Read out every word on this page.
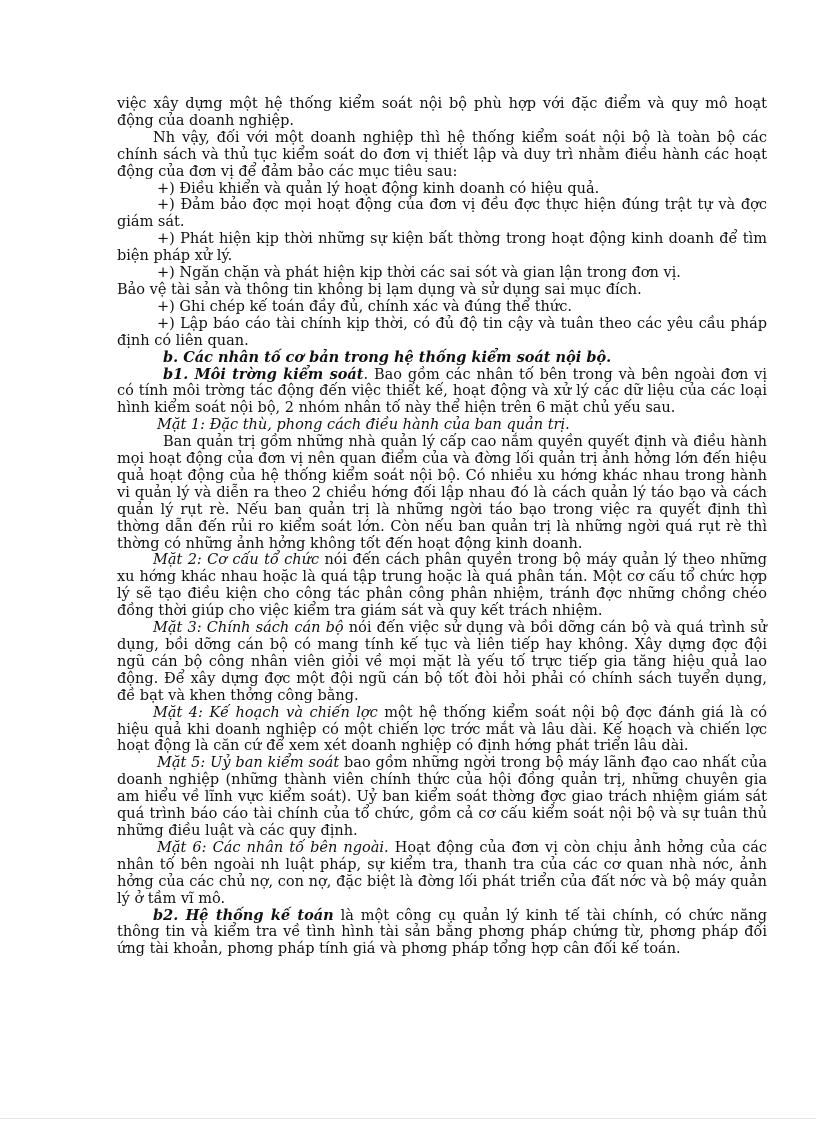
việc xây dựng một hệ thống kiểm soát nội bộ phù hợp với đặc điểm và quy mô hoạt động của doanh nghiệp.

Nh vậy, đối với một doanh nghiệp thì hệ thống kiểm soát nội bộ là toàn bộ các chính sách và thủ tục kiểm soát do đơn vị thiết lập và duy trì nhằm điều hành các hoạt động của đơn vị để đảm bảo các mục tiêu sau:

+) Điều khiển và quản lý hoạt động kinh doanh có hiệu quả.

+) Đảm bảo đợc mọi hoạt động của đơn vị đều đợc thực hiện đúng trật tự và đợc giám sát.

+) Phát hiện kịp thời những sự kiện bất thờng trong hoạt động kinh doanh để tìm biện pháp xử lý.

+) Ngăn chặn và phát hiện kịp thời các sai sót và gian lận trong đơn vị.

Bảo vệ tài sản và thông tin không bị lạm dụng và sử dụng sai mục đích.

+) Ghi chép kế toán đầy đủ, chính xác và đúng thể thức.

+) Lập báo cáo tài chính kịp thời, có đủ độ tin cậy và tuân theo các yêu cầu pháp định có liên quan.

b. Các nhân tố cơ bản trong hệ thống kiểm soát nội bộ.

b1. Môi trờng kiểm soát. Bao gồm các nhân tố bên trong và bên ngoài đơn vị có tính môi trờng tác động đến việc thiết kế, hoạt động và xử lý các dữ liệu của các loại hình kiểm soát nội bộ, 2 nhóm nhân tố này thể hiện trên 6 mặt chủ yếu sau.

Mặt 1: Đặc thù, phong cách điều hành của ban quản trị.

Ban quản trị gồm những nhà quản lý cấp cao nắm quyền quyết định và điều hành mọi hoạt động của đơn vị nên quan điểm của và đờng lối quản trị ảnh hởng lớn đến hiệu quả hoạt động của hệ thống kiểm soát nội bộ. Có nhiều xu hớng khác nhau trong hành vi quản lý và diễn ra theo 2 chiều hớng đối lập nhau đó là cách quản lý táo bạo và cách quản lý rụt rè. Nếu ban quản trị là những ngời táo bạo trong việc ra quyết định thì thờng dẫn đến rủi ro kiểm soát lớn. Còn nếu ban quản trị là những ngời quá rụt rè thì thờng có những ảnh hởng không tốt đến hoạt động kinh doanh.

Mặt 2: Cơ cấu tổ chức nói đến cách phân quyền trong bộ máy quản lý theo những xu hớng khác nhau hoặc là quá tập trung hoặc là quá phân tán. Một cơ cấu tổ chức hợp lý sẽ tạo điều kiện cho công tác phân công phân nhiệm, tránh đợc những chồng chéo đồng thời giúp cho việc kiểm tra giám sát và quy kết trách nhiệm.

Mặt 3: Chính sách cán bộ nói đến việc sử dụng và bồi dỡng cán bộ và quá trình sử dụng, bồi dỡng cán bộ có mang tính kế tục và liên tiếp hay không. Xây dựng đợc đội ngũ cán bộ công nhân viên giỏi về mọi mặt là yếu tố trực tiếp gia tăng hiệu quả lao động. Để xây dựng đợc một đội ngũ cán bộ tốt đòi hỏi phải có chính sách tuyển dụng, đề bạt và khen thởng công bằng.

Mặt 4: Kế hoạch và chiến lợc một hệ thống kiểm soát nội bộ đợc đánh giá là có hiệu quả khi doanh nghiệp có một chiến lợc trớc mắt và lâu dài. Kế hoạch và chiến lợc hoạt động là căn cứ để xem xét doanh nghiệp có định hớng phát triển lâu dài.

Mặt 5: Uỷ ban kiểm soát bao gồm những ngời trong bộ máy lãnh đạo cao nhất của doanh nghiệp (những thành viên chính thức của hội đồng quản trị, những chuyên gia am hiểu về lĩnh vực kiểm soát). Uỷ ban kiểm soát thờng đợc giao trách nhiệm giám sát quá trình báo cáo tài chính của tổ chức, gồm cả cơ cấu kiểm soát nội bộ và sự tuân thủ những điều luật và các quy định.

Mặt 6: Các nhân tố bên ngoài. Hoạt động của đơn vị còn chịu ảnh hởng của các nhân tố bên ngoài nh luật pháp, sự kiểm tra, thanh tra của các cơ quan nhà nớc, ảnh hởng của các chủ nợ, con nợ, đặc biệt là đờng lối phát triển của đất nớc và bộ máy quản lý ở tầm vĩ mô.

b2. Hệ thống kế toán là một công cụ quản lý kinh tế tài chính, có chức năng thông tin và kiểm tra về tình hình tài sản bằng phơng pháp chứng từ, phơng pháp đối ứng tài khoản, phơng pháp tính giá và phơng pháp tổng hợp cân đối kế toán.
